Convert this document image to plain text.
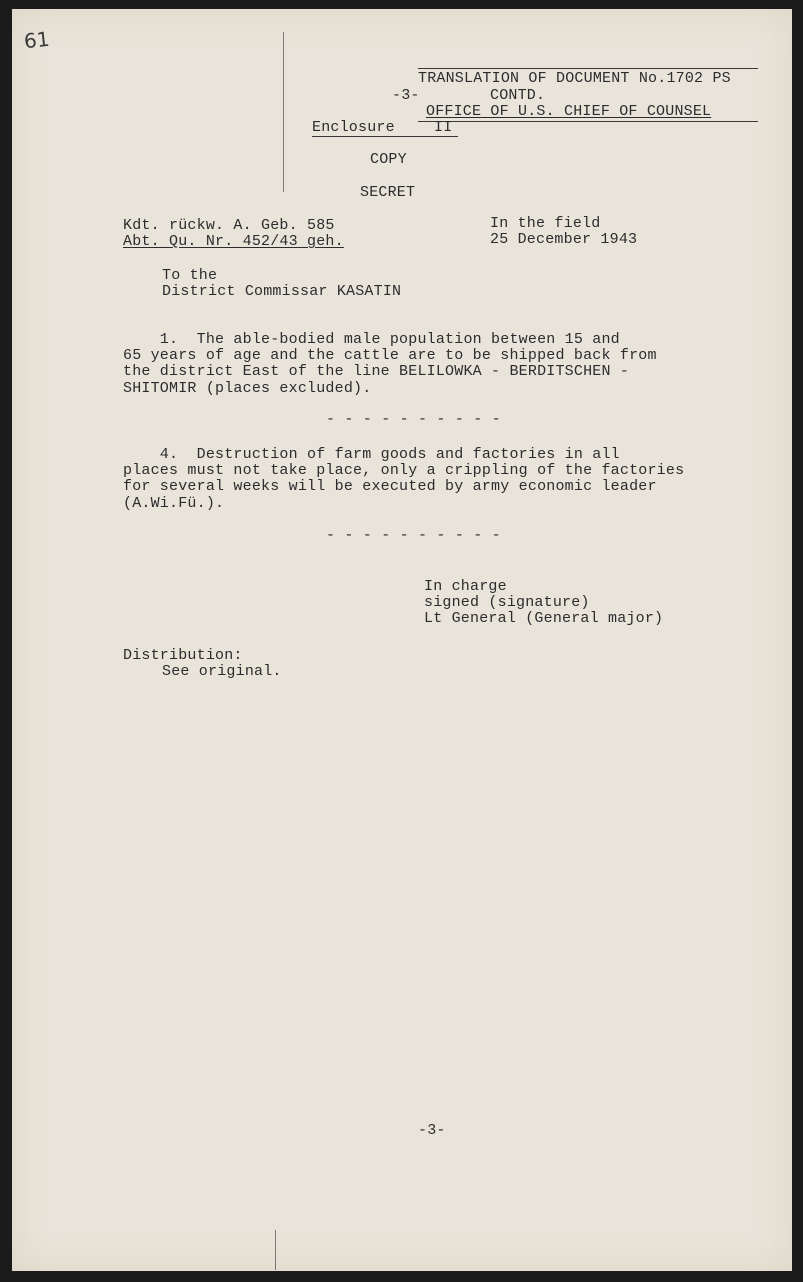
61
TRANSLATION OF DOCUMENT No.1702 PS
-3-	CONTD.
OFFICE OF U.S. CHIEF OF COUNSEL
Enclosure	II
COPY
SECRET
Kdt. rückw. A. Geb. 585
Abt. Qu. Nr. 452/43 geh.
In the field
25 December 1943
To the
District Commissar KASATIN
1.  The able-bodied male population between 15 and
65 years of age and the cattle are to be shipped back from
the district East of the line BELILOWKA - BERDITSCHEN -
SHITOMIR (places excluded).
- - - - - - - - - -
4.  Destruction of farm goods and factories in all
places must not take place, only a crippling of the factories
for several weeks will be executed by army economic leader
(A.Wi.Fü.).
- - - - - - - - - -
In charge
signed (signature)
Lt General (General major)
Distribution:
See original.
-3-
